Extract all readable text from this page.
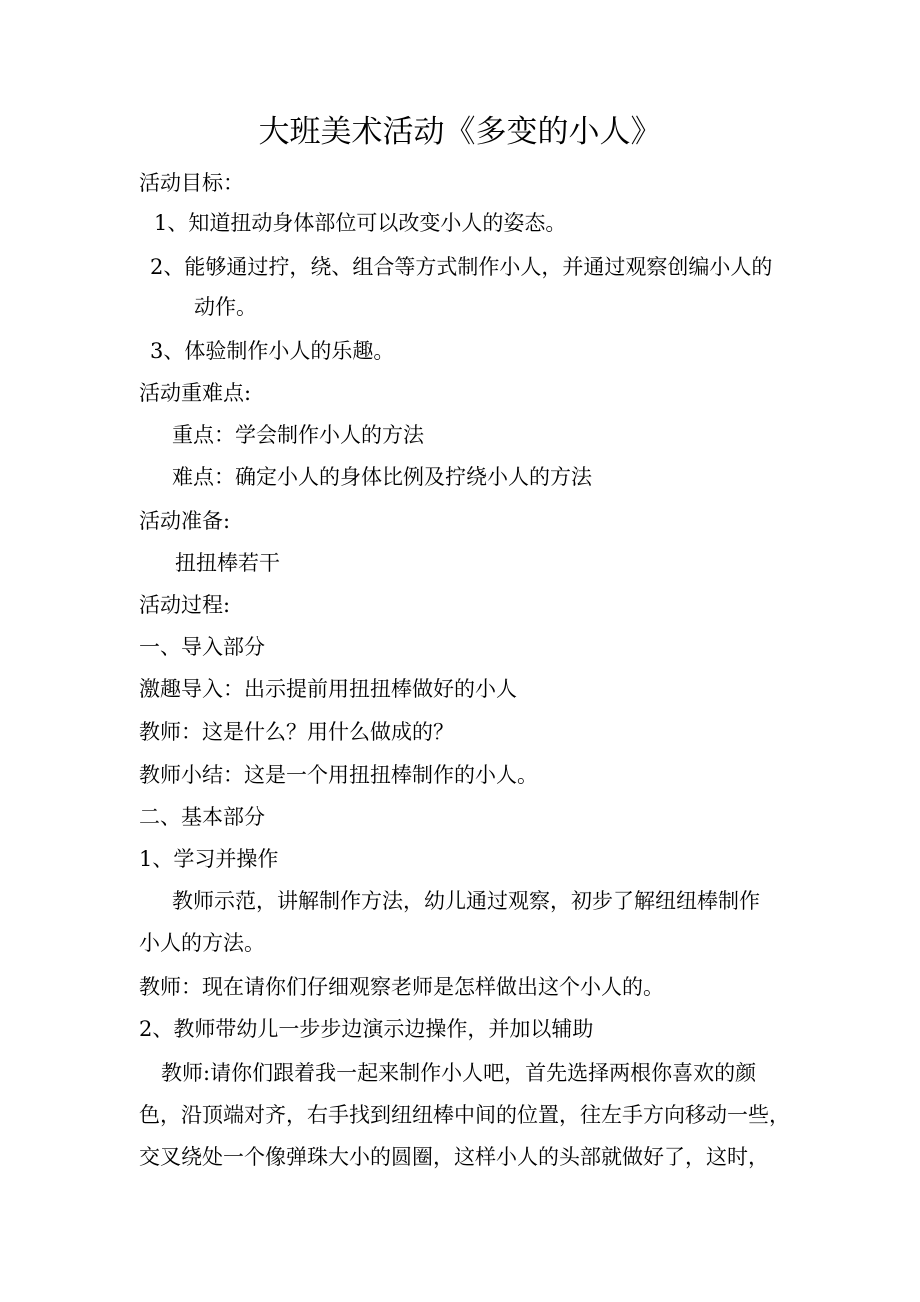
大班美术活动《多变的小人》
活动目标：
1、知道扭动身体部位可以改变小人的姿态。
2、能够通过拧，绕、组合等方式制作小人，并通过观察创编小人的
动作。
3、体验制作小人的乐趣。
活动重难点:
重点：学会制作小人的方法
难点：确定小人的身体比例及拧绕小人的方法
活动准备:
扭扭棒若干
活动过程:
一、导入部分
激趣导入：出示提前用扭扭棒做好的小人
教师：这是什么？用什么做成的？
教师小结：这是一个用扭扭棒制作的小人。
二、基本部分
1、学习并操作
教师示范，讲解制作方法，幼儿通过观察，初步了解纽纽棒制作
小人的方法。
教师：现在请你们仔细观察老师是怎样做出这个小人的。
2、教师带幼儿一步步边演示边操作，并加以辅助
教师:请你们跟着我一起来制作小人吧，首先选择两根你喜欢的颜
色，沿顶端对齐，右手找到纽纽棒中间的位置，往左手方向移动一些，
交叉绕处一个像弹珠大小的圆圈，这样小人的头部就做好了，这时，
